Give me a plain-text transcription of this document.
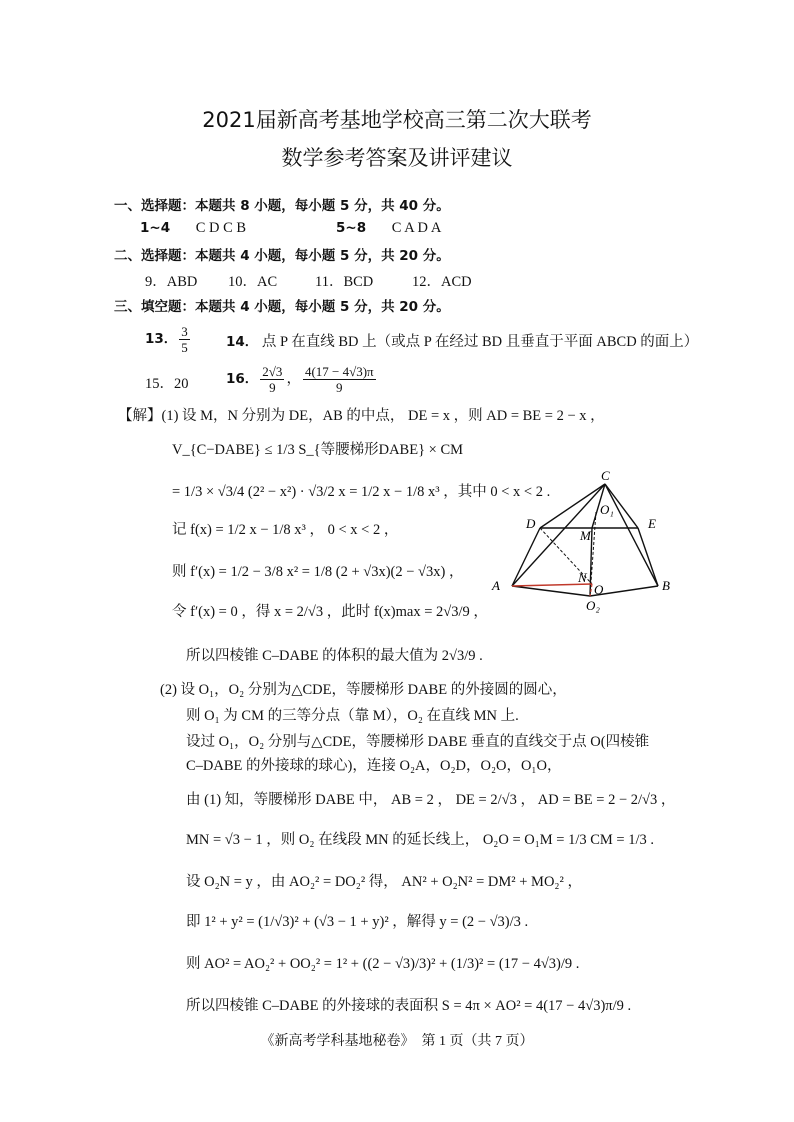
2021届新高考基地学校高三第二次大联考
数学参考答案及讲评建议
一、选择题：本题共 8 小题，每小题 5 分，共 40 分。
1~4 C D C B	5~8 C A D A
二、选择题：本题共 4 小题，每小题 5 分，共 20 分。
9．ABD 10．AC	11．BCD	12．ACD
三、填空题：本题共 4 小题，每小题 5 分，共 20 分。
13． $\frac{3}{5}$	14． 点 P 在直线 BD 上（或点 P 在经过 BD 且垂直于平面 ABCD 的面上）
15．20	16． $\frac{2√3}{9}$ ， $\frac{4(17 - 4√3)\pi}{9}$
【解】(1) 设 M，N 分别为 DE，AB 的中点， DE = x ，则 AD = BE = 2 − x ，
V_{C−DABE} ≤ 1/3 S_{等腰梯形DABE} × CM
= 1/3 × √3/4 (2² − x²) · √3/2 x = 1/2 x − 1/8 x³ ，其中 0 < x < 2 .
记 f(x) = 1/2 x − 1/8 x³ ， 0 < x < 2 ，
则 f′(x) = 1/2 − 3/8 x² = 1/8 (2 + √3x)(2 − √3x) ，
令 f′(x) = 0 ，得 x = 2/√3 ，此时 f(x)max = 2√3/9 ，
所以四棱锥 C–DABE 的体积的最大值为 2√3/9 .
C
D	E
O₁
M
A	B
N
O
O₂
(2) 设 O₁，O₂ 分别为△CDE，等腰梯形 DABE 的外接圆的圆心，
则 O₁ 为 CM 的三等分点（靠 M），O₂ 在直线 MN 上.
设过 O₁，O₂ 分别与△CDE，等腰梯形 DABE 垂直的直线交于点 O(四棱锥
C–DABE 的外接球的球心)，连接 O₂A，O₂D，O₂O，O₁O，
由 (1) 知，等腰梯形 DABE 中， AB = 2 ， DE = 2/√3 ， AD = BE = 2 − 2/√3 ，
MN = √3 − 1 ，则 O₂ 在线段 MN 的延长线上， O₂O = O₁M = 1/3 CM = 1/3 .
设 O₂N = y ，由 AO₂² = DO₂² 得， AN² + O₂N² = DM² + MO₂² ，
即 1² + y² = (1/√3)² + (√3 − 1 + y)² ，解得 y = (2 − √3)/3 .
则 AO² = AO₂² + OO₂² = 1² + ((2 − √3)/3)² + (1/3)² = (17 − 4√3)/9 .
所以四棱锥 C–DABE 的外接球的表面积 S = 4π × AO² = 4(17 − 4√3)π/9 .
《新高考学科基地秘卷》　第 1 页（共 7 页）
